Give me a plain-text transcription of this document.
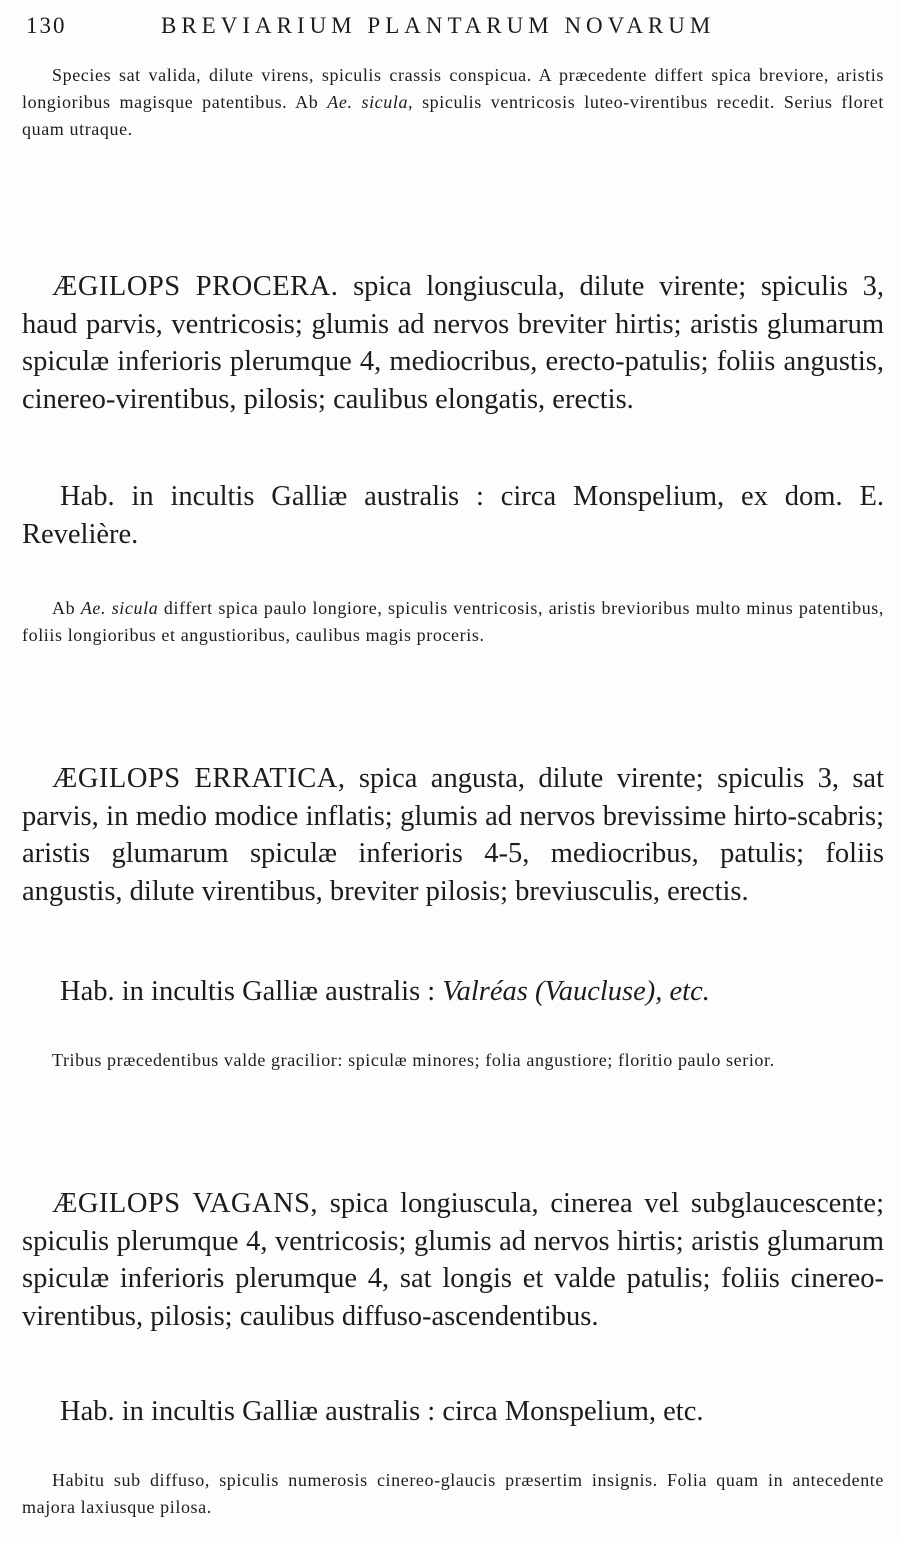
130	BREVIARIUM PLANTARUM NOVARUM

Species sat valida, dilute virens, spiculis crassis conspicua. A præcedente differt spica breviore, aristis longioribus magisque patentibus. Ab Ae. sicula, spiculis ventricosis luteo-virentibus recedit. Serius floret quam utraque.

ÆGILOPS PROCERA. spica longiuscula, dilute virente; spiculis 3, haud parvis, ventricosis; glumis ad nervos breviter hirtis; aristis glumarum spiculæ inferioris plerumque 4, mediocribus, erecto-patulis; foliis angustis, cinereo-virentibus, pilosis; caulibus elongatis, erectis.

Hab. in incultis Galliæ australis : circa Monspelium, ex dom. E. Revelière.

Ab Ae. sicula differt spica paulo longiore, spiculis ventricosis, aristis brevioribus multo minus patentibus, foliis longioribus et angustioribus, caulibus magis proceris.

ÆGILOPS ERRATICA, spica angusta, dilute virente; spiculis 3, sat parvis, in medio modice inflatis; glumis ad nervos brevissime hirto-scabris; aristis glumarum spiculæ inferioris 4-5, mediocribus, patulis; foliis angustis, dilute virentibus, breviter pilosis; breviusculis, erectis.

Hab. in incultis Galliæ australis : Valréas (Vaucluse), etc.

Tribus præcedentibus valde gracilior: spiculæ minores; folia angustiore; floritio paulo serior.

ÆGILOPS VAGANS, spica longiuscula, cinerea vel subglaucescente; spiculis plerumque 4, ventricosis; glumis ad nervos hirtis; aristis glumarum spiculæ inferioris plerumque 4, sat longis et valde patulis; foliis cinereo-virentibus, pilosis; caulibus diffuso-ascendentibus.

Hab. in incultis Galliæ australis : circa Monspelium, etc.

Habitu sub diffuso, spiculis numerosis cinereo-glaucis præsertim insignis. Folia quam in antecedente majora laxiusque pilosa.
